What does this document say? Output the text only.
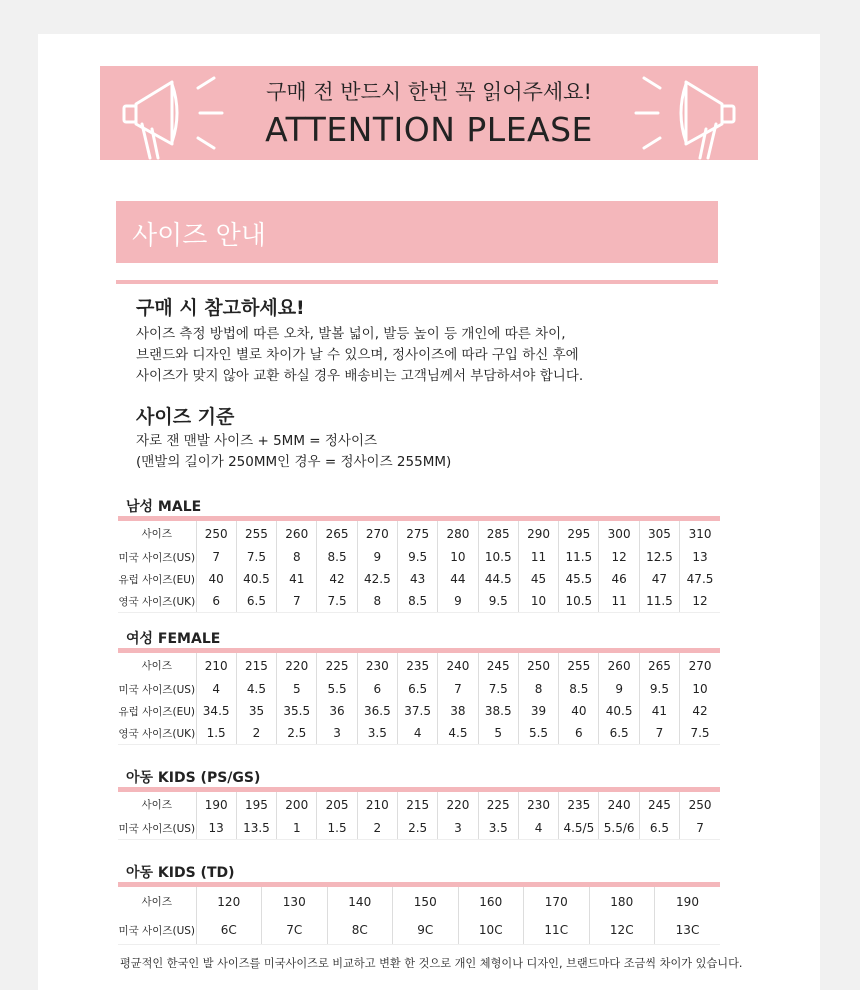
구매 전 반드시 한번 꼭 읽어주세요!
ATTENTION PLEASE
사이즈 안내
구매 시 참고하세요!
사이즈 측정 방법에 따른 오차, 발볼 넓이, 발등 높이 등 개인에 따른 차이,
브랜드와 디자인 별로 차이가 날 수 있으며, 정사이즈에 따라 구입 하신 후에
사이즈가 맞지 않아 교환 하실 경우 배송비는 고객님께서 부담하셔야 합니다.
사이즈 기준
자로 잰 맨발 사이즈 + 5MM = 정사이즈
(맨발의 길이가 250MM인 경우 = 정사이즈 255MM)
남성 MALE
사이즈	250	255	260	265	270	275	280	285	290	295	300	305	310
미국 사이즈(US)	7	7.5	8	8.5	9	9.5	10	10.5	11	11.5	12	12.5	13
유럽 사이즈(EU)	40	40.5	41	42	42.5	43	44	44.5	45	45.5	46	47	47.5
영국 사이즈(UK)	6	6.5	7	7.5	8	8.5	9	9.5	10	10.5	11	11.5	12
여성 FEMALE
사이즈	210	215	220	225	230	235	240	245	250	255	260	265	270
미국 사이즈(US)	4	4.5	5	5.5	6	6.5	7	7.5	8	8.5	9	9.5	10
유럽 사이즈(EU)	34.5	35	35.5	36	36.5	37.5	38	38.5	39	40	40.5	41	42
영국 사이즈(UK)	1.5	2	2.5	3	3.5	4	4.5	5	5.5	6	6.5	7	7.5
아동 KIDS (PS/GS)
사이즈	190	195	200	205	210	215	220	225	230	235	240	245	250
미국 사이즈(US)	13	13.5	1	1.5	2	2.5	3	3.5	4	4.5/5	5.5/6	6.5	7
아동 KIDS (TD)
사이즈	120	130	140	150	160	170	180	190
미국 사이즈(US)	6C	7C	8C	9C	10C	11C	12C	13C
평균적인 한국인 발 사이즈를 미국사이즈로 비교하고 변환 한 것으로 개인 체형이나 디자인, 브랜드마다 조금씩 차이가 있습니다.
